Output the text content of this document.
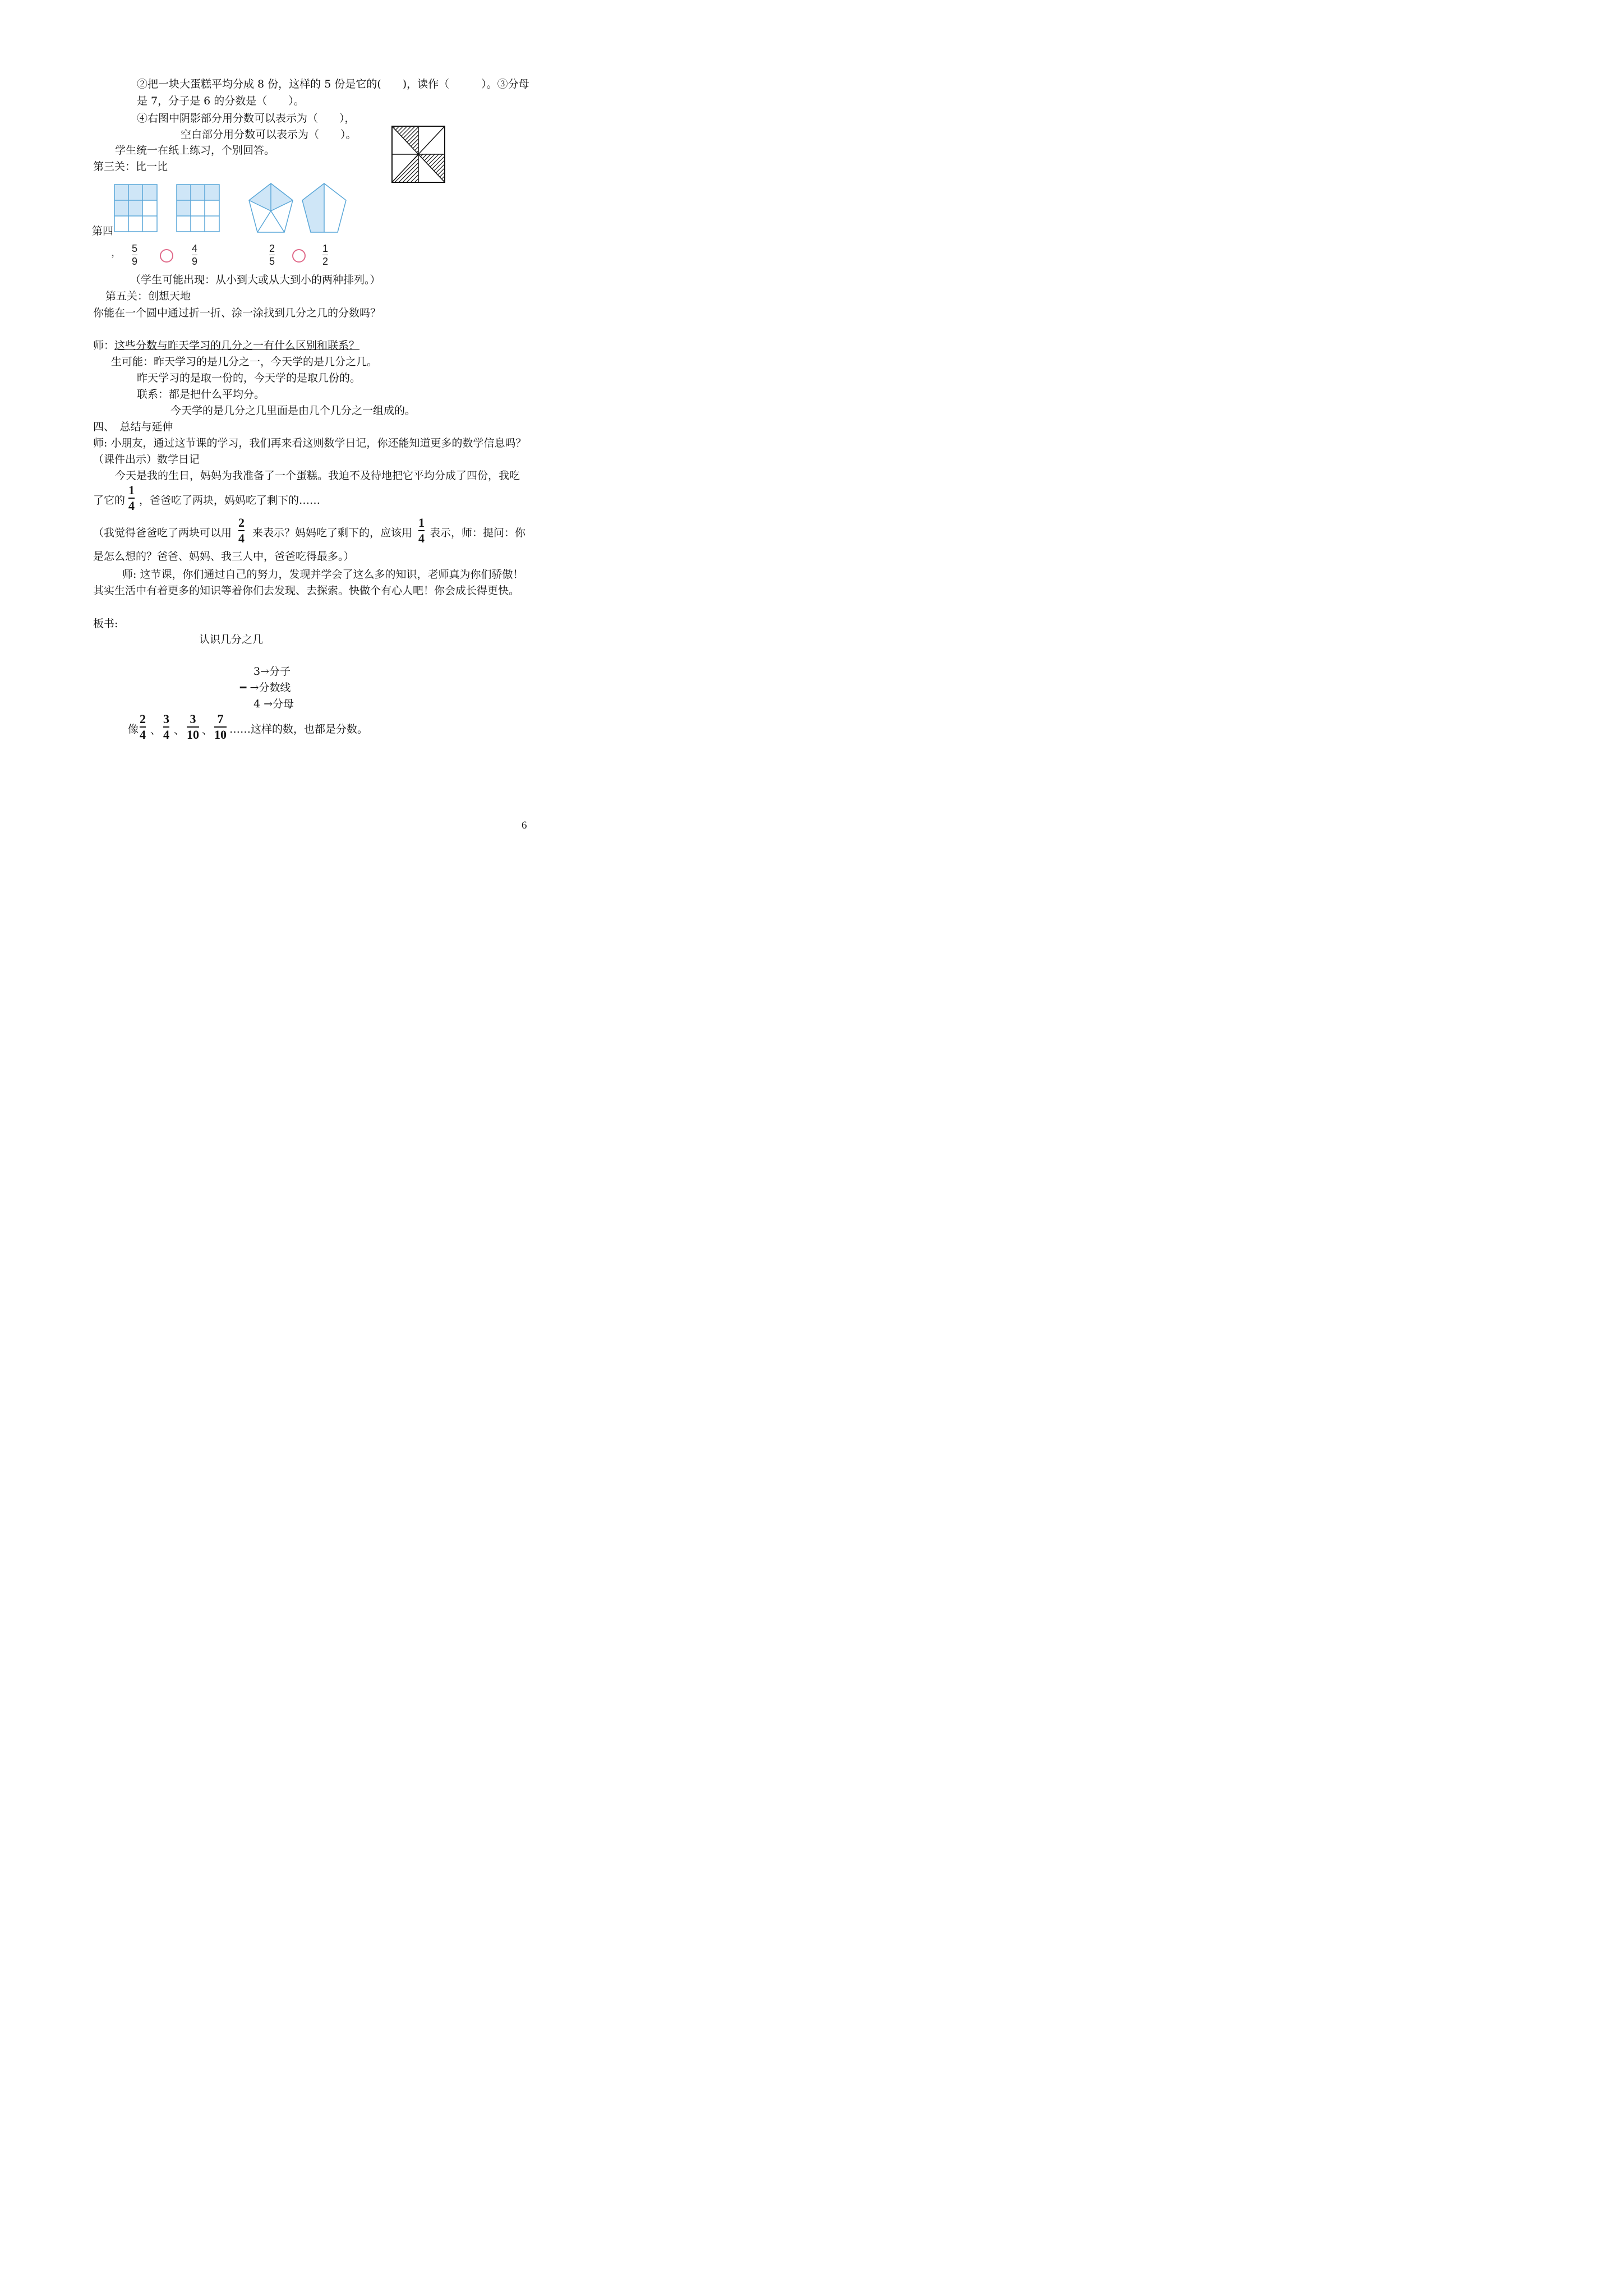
②把一块大蛋糕平均分成 8 份，这样的 5 份是它的(　　)，读作（　　　）。③分母
是 7，分子是 6 的分数是（　　）。
④右图中阴影部分用分数可以表示为（　　），
空白部分用分数可以表示为（　　）。
学生统一在纸上练习，个别回答。
第三关：比一比
第四
， 5
9
4
9
2
5
1
2
（学生可能出现：从小到大或从大到小的两种排列。）
第五关：创想天地
你能在一个圆中通过折一折、涂一涂找到几分之几的分数吗？
师：这些分数与昨天学习的几分之一有什么区别和联系？
生可能：昨天学习的是几分之一，今天学的是几分之几。
昨天学习的是取一份的，今天学的是取几份的。
联系：都是把什么平均分。
今天学的是几分之几里面是由几个几分之一组成的。
四、　总结与延伸
师: 小朋友，通过这节课的学习，我们再来看这则数学日记，你还能知道更多的数学信息吗？
（课件出示）数学日记
今天是我的生日，妈妈为我准备了一个蛋糕。我迫不及待地把它平均分成了四份，我吃
了它的
1
4 ，爸爸吃了两块，妈妈吃了剩下的……
（我觉得爸爸吃了两块可以用
2
4 来表示？妈妈吃了剩下的，应该用
1
4 表示，师：提问：你
是怎么想的？爸爸、妈妈、我三人中，爸爸吃得最多。）
师: 这节课，你们通过自己的努力，发现并学会了这么多的知识，老师真为你们骄傲！
其实生活中有着更多的知识等着你们去发现、去探索。快做个有心人吧！你会成长得更快。
板书:
认识几分之几
3→分子
━ →分数线
4 →分母
像
2
4 、
3
4 、
3
10 、
7
10 ……这样的数，也都是分数。
6
